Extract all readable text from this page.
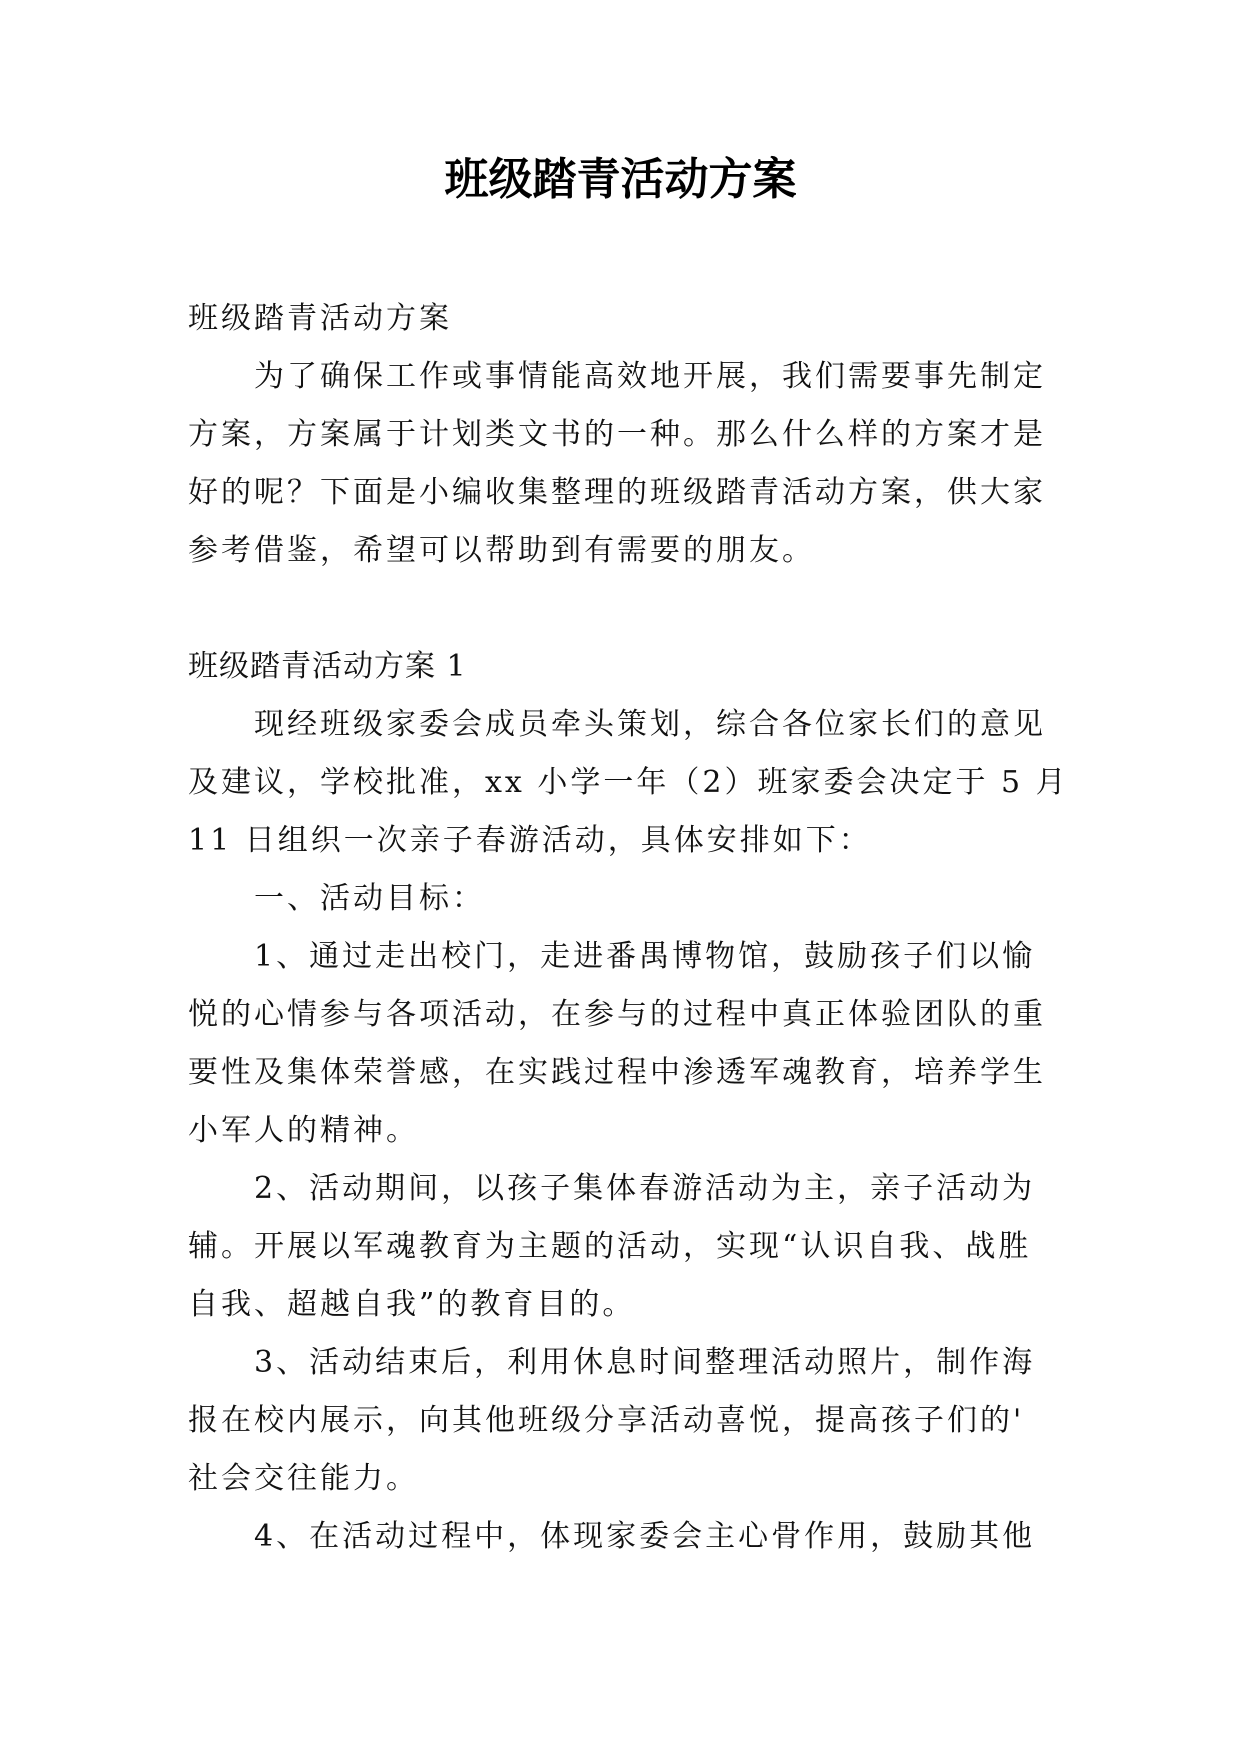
班级踏青活动方案
班级踏青活动方案
　　为了确保工作或事情能高效地开展，我们需要事先制定
方案，方案属于计划类文书的一种。那么什么样的方案才是
好的呢？下面是小编收集整理的班级踏青活动方案，供大家
参考借鉴，希望可以帮助到有需要的朋友。
班级踏青活动方案 1
　　现经班级家委会成员牵头策划，综合各位家长们的意见
及建议，学校批准，xx 小学一年（2）班家委会决定于 5 月
11 日组织一次亲子春游活动，具体安排如下：
　　一、活动目标：
　　1、通过走出校门，走进番禺博物馆，鼓励孩子们以愉
悦的心情参与各项活动，在参与的过程中真正体验团队的重
要性及集体荣誉感，在实践过程中渗透军魂教育，培养学生
小军人的精神。
　　2、活动期间，以孩子集体春游活动为主，亲子活动为
辅。开展以军魂教育为主题的活动，实现“认识自我、战胜
自我、超越自我”的教育目的。
　　3、活动结束后，利用休息时间整理活动照片，制作海
报在校内展示，向其他班级分享活动喜悦，提高孩子们的'
社会交往能力。
　　4、在活动过程中，体现家委会主心骨作用，鼓励其他
